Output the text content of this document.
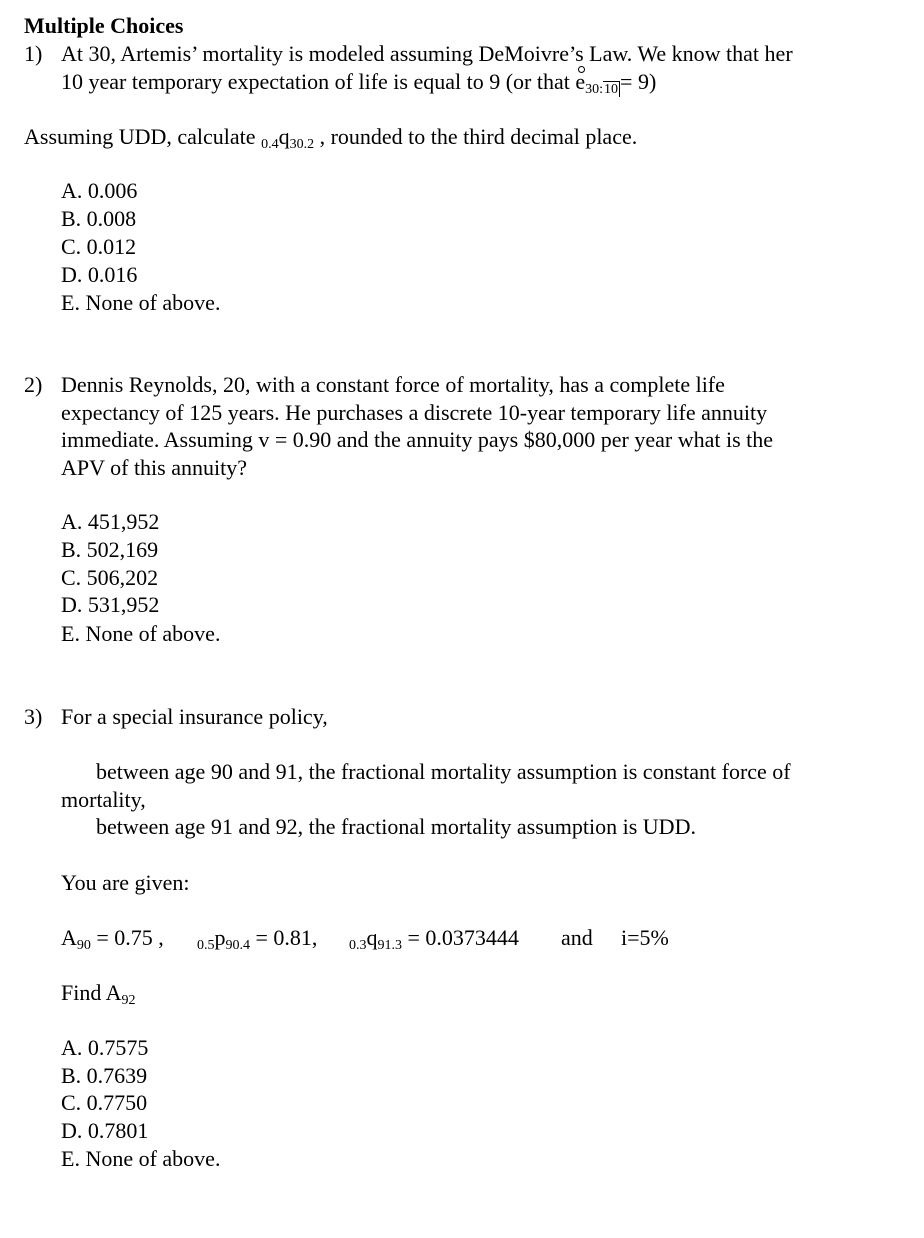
Multiple Choices
1) At 30, Artemis’ mortality is modeled assuming DeMoivre’s Law. We know that her
10 year temporary expectation of life is equal to 9 (or that e30:10= 9)
Assuming UDD, calculate 0.4q30.2 , rounded to the third decimal place.
A. 0.006
B. 0.008
C. 0.012
D. 0.016
E. None of above.
2) Dennis Reynolds, 20, with a constant force of mortality, has a complete life
expectancy of 125 years. He purchases a discrete 10-year temporary life annuity
immediate. Assuming v = 0.90 and the annuity pays $80,000 per year what is the
APV of this annuity?
A. 451,952
B. 502,169
C. 506,202
D. 531,952
E. None of above.
3) For a special insurance policy,
between age 90 and 91, the fractional mortality assumption is constant force of
mortality,
between age 91 and 92, the fractional mortality assumption is UDD.
You are given:
A90 = 0.75 , 0.5p90.4 = 0.81, 0.3q91.3 = 0.0373444 and i=5%
Find A92
A. 0.7575
B. 0.7639
C. 0.7750
D. 0.7801
E. None of above.
